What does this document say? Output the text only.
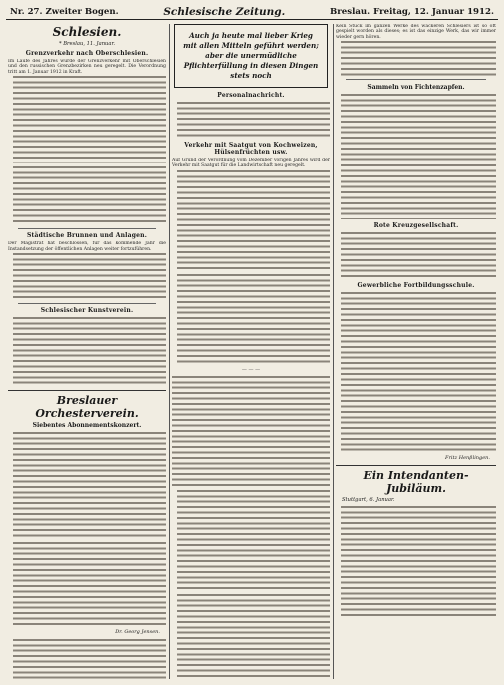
Nr. 27. Zweiter Bogen.	Schlesische Zeitung.	Breslau. Freitag, 12. Januar 1912.
Schlesien.
* Breslau, 11. Januar.
Grenzverkehr nach Oberschlesien.
Im Laufe des Jahres wurde der Grenzverkehr mit Oberschlesien und den russischen Grenzbezirken neu geregelt. Die Verordnung tritt am 1. Januar 1912 in Kraft.
Städtische Brunnen und Anlagen.
Der Magistrat hat beschlossen, für das kommende Jahr die Instandsetzung der öffentlichen Anlagen weiter fortzuführen.
Schlesischer Kunstverein.
Breslauer Orchesterverein.
Siebentes Abonnementskonzert.
Dr. Georg Jensen.
Auch ja heute mal lieber Krieg mit allen Mitteln geführt werden; aber die unermüdliche Pflichterfüllung in diesen Dingen stets noch
Personalnachricht.
Verkehr mit Saatgut von Kochweizen, Hülsenfrüchten usw.
Auf Grund der Verordnung vom Dezember vorigen Jahres wird der Verkehr mit Saatgut für die Landwirtschaft neu geregelt.
— — —
Kein Stück im ganzen Werke des wackeren Schlesiers ist so oft gespielt worden als dieses; es ist das einzige Werk, das wir immer wieder gern hören.
Sammeln von Fichtenzapfen.
Rote Kreuzgesellschaft.
Gewerbliche Fortbildungsschule.
Fritz Henßlingen.
Ein Intendanten-Jubiläum.
Stuttgart, 6. Januar.
